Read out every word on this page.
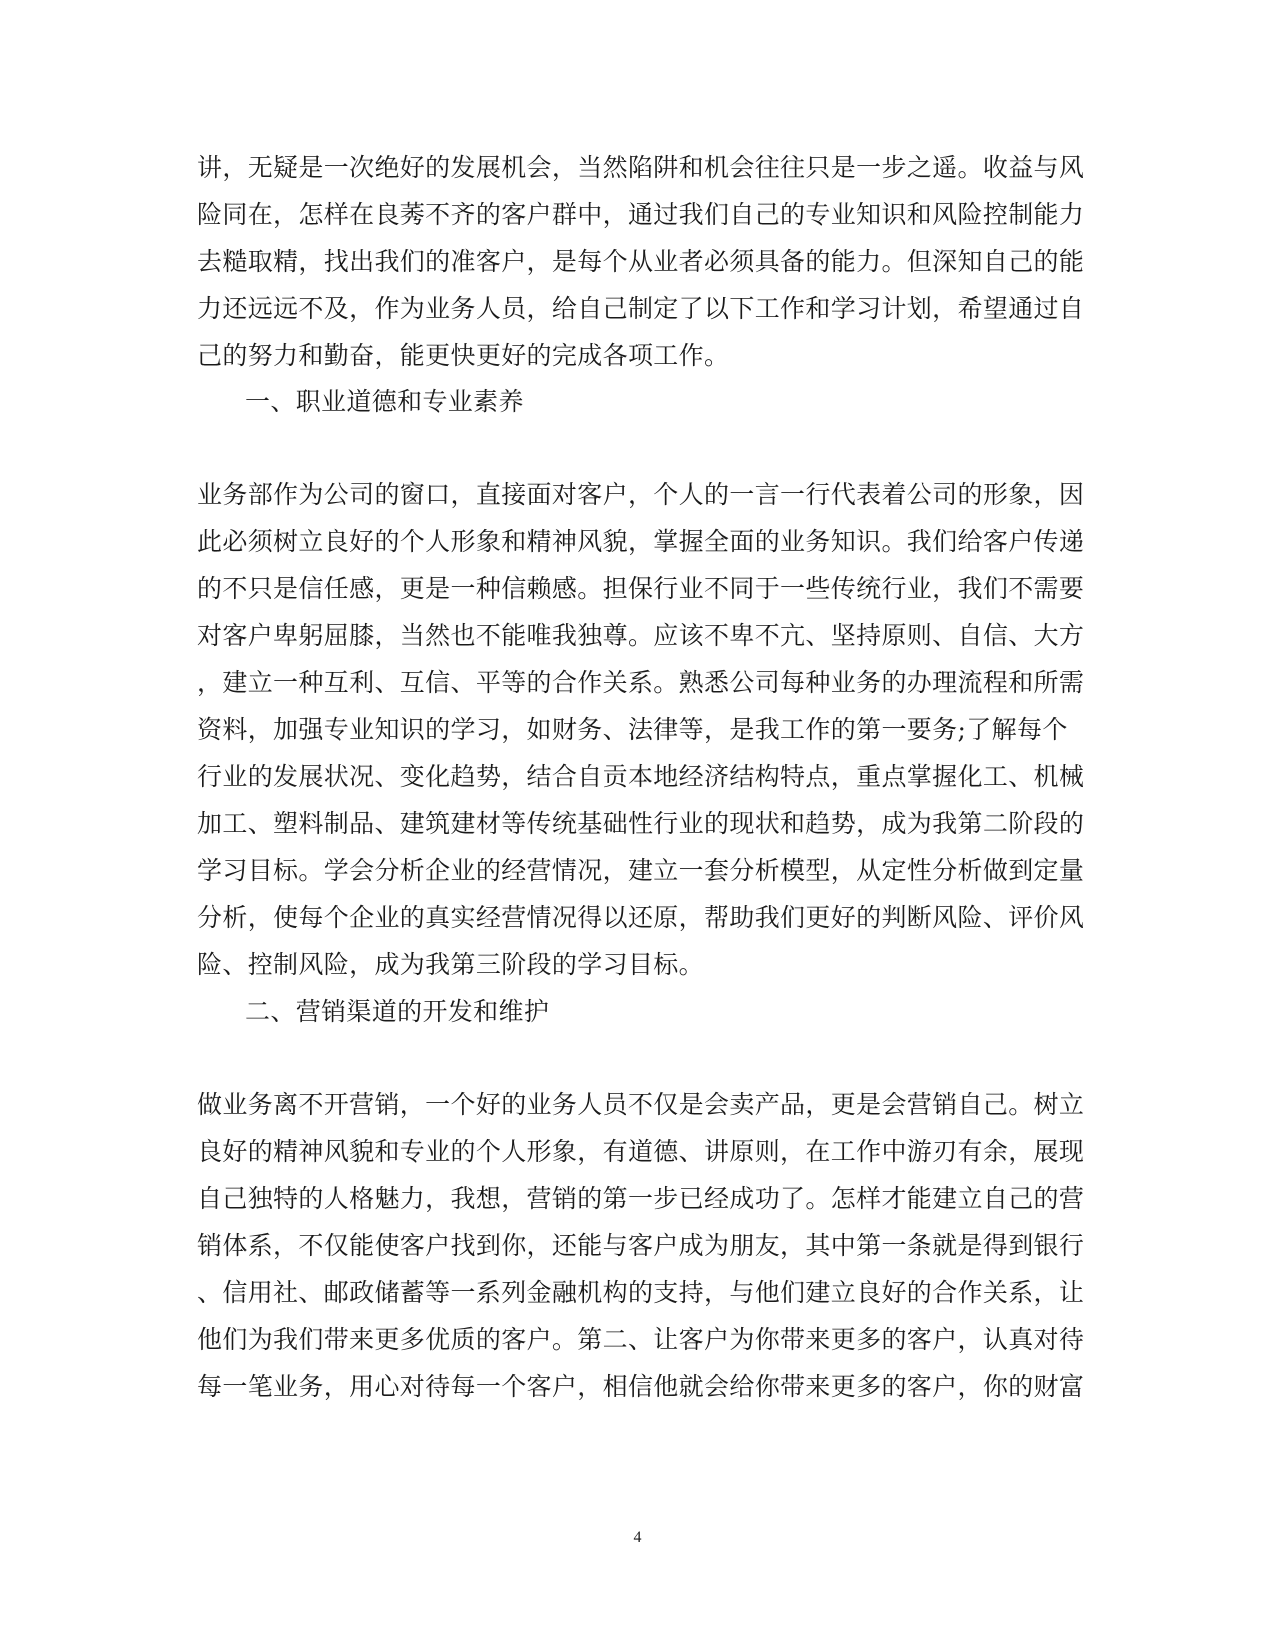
讲，无疑是一次绝好的发展机会，当然陷阱和机会往往只是一步之遥。收益与风
险同在，怎样在良莠不齐的客户群中，通过我们自己的专业知识和风险控制能力
去糙取精，找出我们的准客户，是每个从业者必须具备的能力。但深知自己的能
力还远远不及，作为业务人员，给自己制定了以下工作和学习计划，希望通过自
己的努力和勤奋，能更快更好的完成各项工作。
一、职业道德和专业素养
业务部作为公司的窗口，直接面对客户，个人的一言一行代表着公司的形象，因
此必须树立良好的个人形象和精神风貌，掌握全面的业务知识。我们给客户传递
的不只是信任感，更是一种信赖感。担保行业不同于一些传统行业，我们不需要
对客户卑躬屈膝，当然也不能唯我独尊。应该不卑不亢、坚持原则、自信、大方
，建立一种互利、互信、平等的合作关系。熟悉公司每种业务的办理流程和所需
资料，加强专业知识的学习，如财务、法律等，是我工作的第一要务;了解每个
行业的发展状况、变化趋势，结合自贡本地经济结构特点，重点掌握化工、机械
加工、塑料制品、建筑建材等传统基础性行业的现状和趋势，成为我第二阶段的
学习目标。学会分析企业的经营情况，建立一套分析模型，从定性分析做到定量
分析，使每个企业的真实经营情况得以还原，帮助我们更好的判断风险、评价风
险、控制风险，成为我第三阶段的学习目标。
二、营销渠道的开发和维护
做业务离不开营销，一个好的业务人员不仅是会卖产品，更是会营销自己。树立
良好的精神风貌和专业的个人形象，有道德、讲原则，在工作中游刃有余，展现
自己独特的人格魅力，我想，营销的第一步已经成功了。怎样才能建立自己的营
销体系，不仅能使客户找到你，还能与客户成为朋友，其中第一条就是得到银行
、信用社、邮政储蓄等一系列金融机构的支持，与他们建立良好的合作关系，让
他们为我们带来更多优质的客户。第二、让客户为你带来更多的客户，认真对待
每一笔业务，用心对待每一个客户，相信他就会给你带来更多的客户，你的财富
4
